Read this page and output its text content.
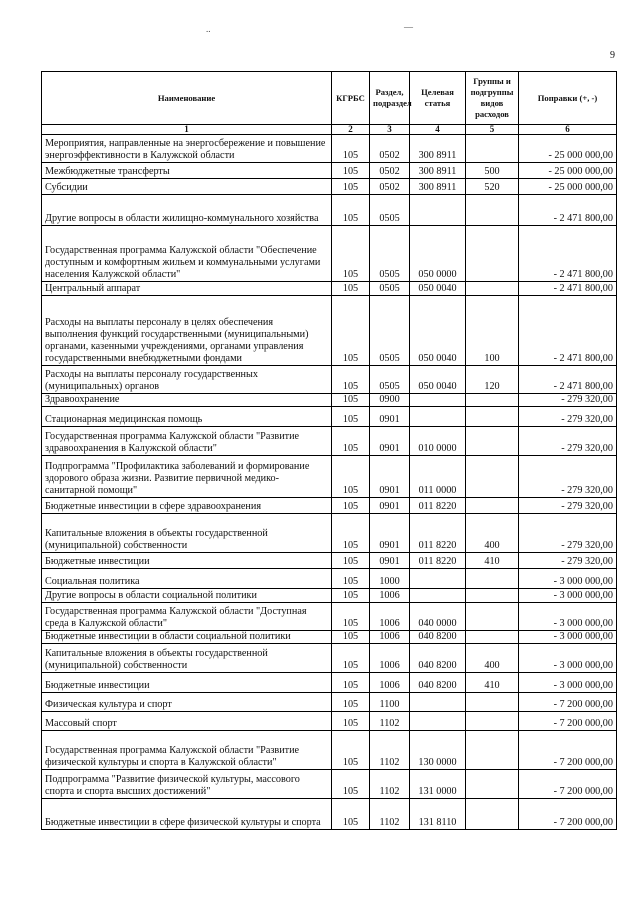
..	—
9
Наименование	КГРБС	Раздел, подраздел	Целевая статья	Группы и подгруппы видов расходов	Поправки (+, -)
1	2	3	4	5	6
Мероприятия, направленные на энергосбережение и повышение энергоэффективности в Калужской области	105	0502	300 8911		- 25 000 000,00
Межбюджетные трансферты	105	0502	300 8911	500	- 25 000 000,00
Субсидии	105	0502	300 8911	520	- 25 000 000,00
Другие вопросы в области жилищно-коммунального хозяйства	105	0505			- 2 471 800,00
Государственная программа Калужской области "Обеспечение доступным и комфортным жильем и коммунальными услугами населения Калужской области"	105	0505	050 0000		- 2 471 800,00
Центральный аппарат	105	0505	050 0040		- 2 471 800,00
Расходы на выплаты персоналу в целях обеспечения выполнения функций государственными (муниципальными) органами, казенными учреждениями, органами управления государственными внебюджетными фондами	105	0505	050 0040	100	- 2 471 800,00
Расходы на выплаты персоналу государственных (муниципальных) органов	105	0505	050 0040	120	- 2 471 800,00
Здравоохранение	105	0900			- 279 320,00
Стационарная медицинская помощь	105	0901			- 279 320,00
Государственная программа Калужской области "Развитие здравоохранения в Калужской области"	105	0901	010 0000		- 279 320,00
Подпрограмма "Профилактика заболеваний и формирование здорового образа жизни. Развитие первичной медико-санитарной помощи"	105	0901	011 0000		- 279 320,00
Бюджетные инвестиции в сфере здравоохранения	105	0901	011 8220		- 279 320,00
Капитальные вложения в объекты государственной (муниципальной) собственности	105	0901	011 8220	400	- 279 320,00
Бюджетные инвестиции	105	0901	011 8220	410	- 279 320,00
Социальная политика	105	1000			- 3 000 000,00
Другие вопросы в области социальной политики	105	1006			- 3 000 000,00
Государственная программа Калужской области "Доступная среда в Калужской области"	105	1006	040 0000		- 3 000 000,00
Бюджетные инвестиции в области социальной политики	105	1006	040 8200		- 3 000 000,00
Капитальные вложения в объекты государственной (муниципальной) собственности	105	1006	040 8200	400	- 3 000 000,00
Бюджетные инвестиции	105	1006	040 8200	410	- 3 000 000,00
Физическая культура и спорт	105	1100			- 7 200 000,00
Массовый спорт	105	1102			- 7 200 000,00
Государственная программа Калужской области "Развитие физической культуры и спорта в Калужской области"	105	1102	130 0000		- 7 200 000,00
Подпрограмма "Развитие физической культуры, массового спорта и спорта высших достижений"	105	1102	131 0000		- 7 200 000,00
Бюджетные инвестиции в сфере физической культуры и спорта	105	1102	131 8110		- 7 200 000,00
